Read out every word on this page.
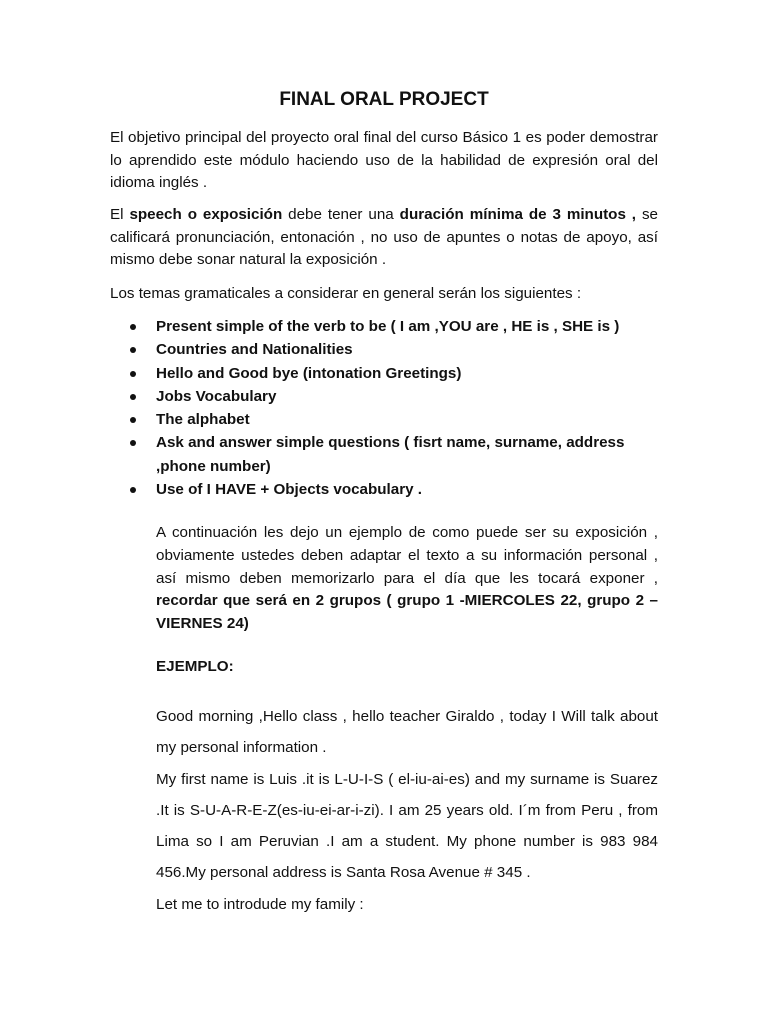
FINAL ORAL PROJECT

El objetivo principal del proyecto oral final del curso Básico 1 es poder demostrar lo aprendido este módulo haciendo uso de la habilidad de expresión oral del idioma inglés .

El speech o exposición debe tener una duración mínima de 3 minutos , se calificará pronunciación, entonación , no uso de apuntes o notas de apoyo, así mismo debe sonar natural la exposición .

Los temas gramaticales a considerar en general serán los siguientes :

Present simple of the verb to be ( I am ,YOU are , HE is , SHE is )
Countries and Nationalities
Hello and Good bye (intonation Greetings)
Jobs Vocabulary
The alphabet
Ask and answer simple questions ( fisrt name, surname, address ,phone number)
Use of I HAVE + Objects vocabulary .

A continuación les dejo un ejemplo de como puede ser su exposición , obviamente ustedes deben adaptar el texto a su información personal , así mismo deben memorizarlo para el día que les tocará exponer , recordar que será en 2 grupos ( grupo 1 -MIERCOLES 22, grupo 2 – VIERNES 24)

EJEMPLO:

Good morning ,Hello class , hello teacher Giraldo , today I Will talk about my personal information .

My first name is Luis .it is L-U-I-S ( el-iu-ai-es) and my surname is Suarez .It is S-U-A-R-E-Z(es-iu-ei-ar-i-zi). I am 25 years old. I´m from Peru , from Lima so I am Peruvian .I am a student. My phone number is 983 984 456.My personal address is Santa Rosa Avenue # 345 .

Let me to introdude my family :
